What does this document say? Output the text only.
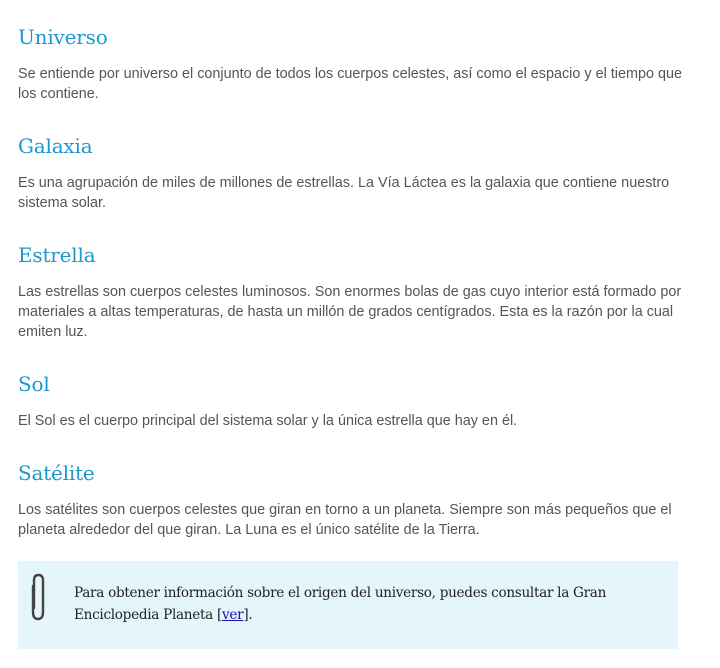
Universo

Se entiende por universo el conjunto de todos los cuerpos celestes, así como el espacio y el tiempo que los contiene.

Galaxia

Es una agrupación de miles de millones de estrellas. La Vía Láctea es la galaxia que contiene nuestro sistema solar.

Estrella

Las estrellas son cuerpos celestes luminosos. Son enormes bolas de gas cuyo interior está formado por materiales a altas temperaturas, de hasta un millón de grados centígrados. Esta es la razón por la cual emiten luz.

Sol

El Sol es el cuerpo principal del sistema solar y la única estrella que hay en él.

Satélite

Los satélites son cuerpos celestes que giran en torno a un planeta. Siempre son más pequeños que el planeta alrededor del que giran. La Luna es el único satélite de la Tierra.

Para obtener información sobre el origen del universo, puedes consultar la Gran Enciclopedia Planeta [ver].
